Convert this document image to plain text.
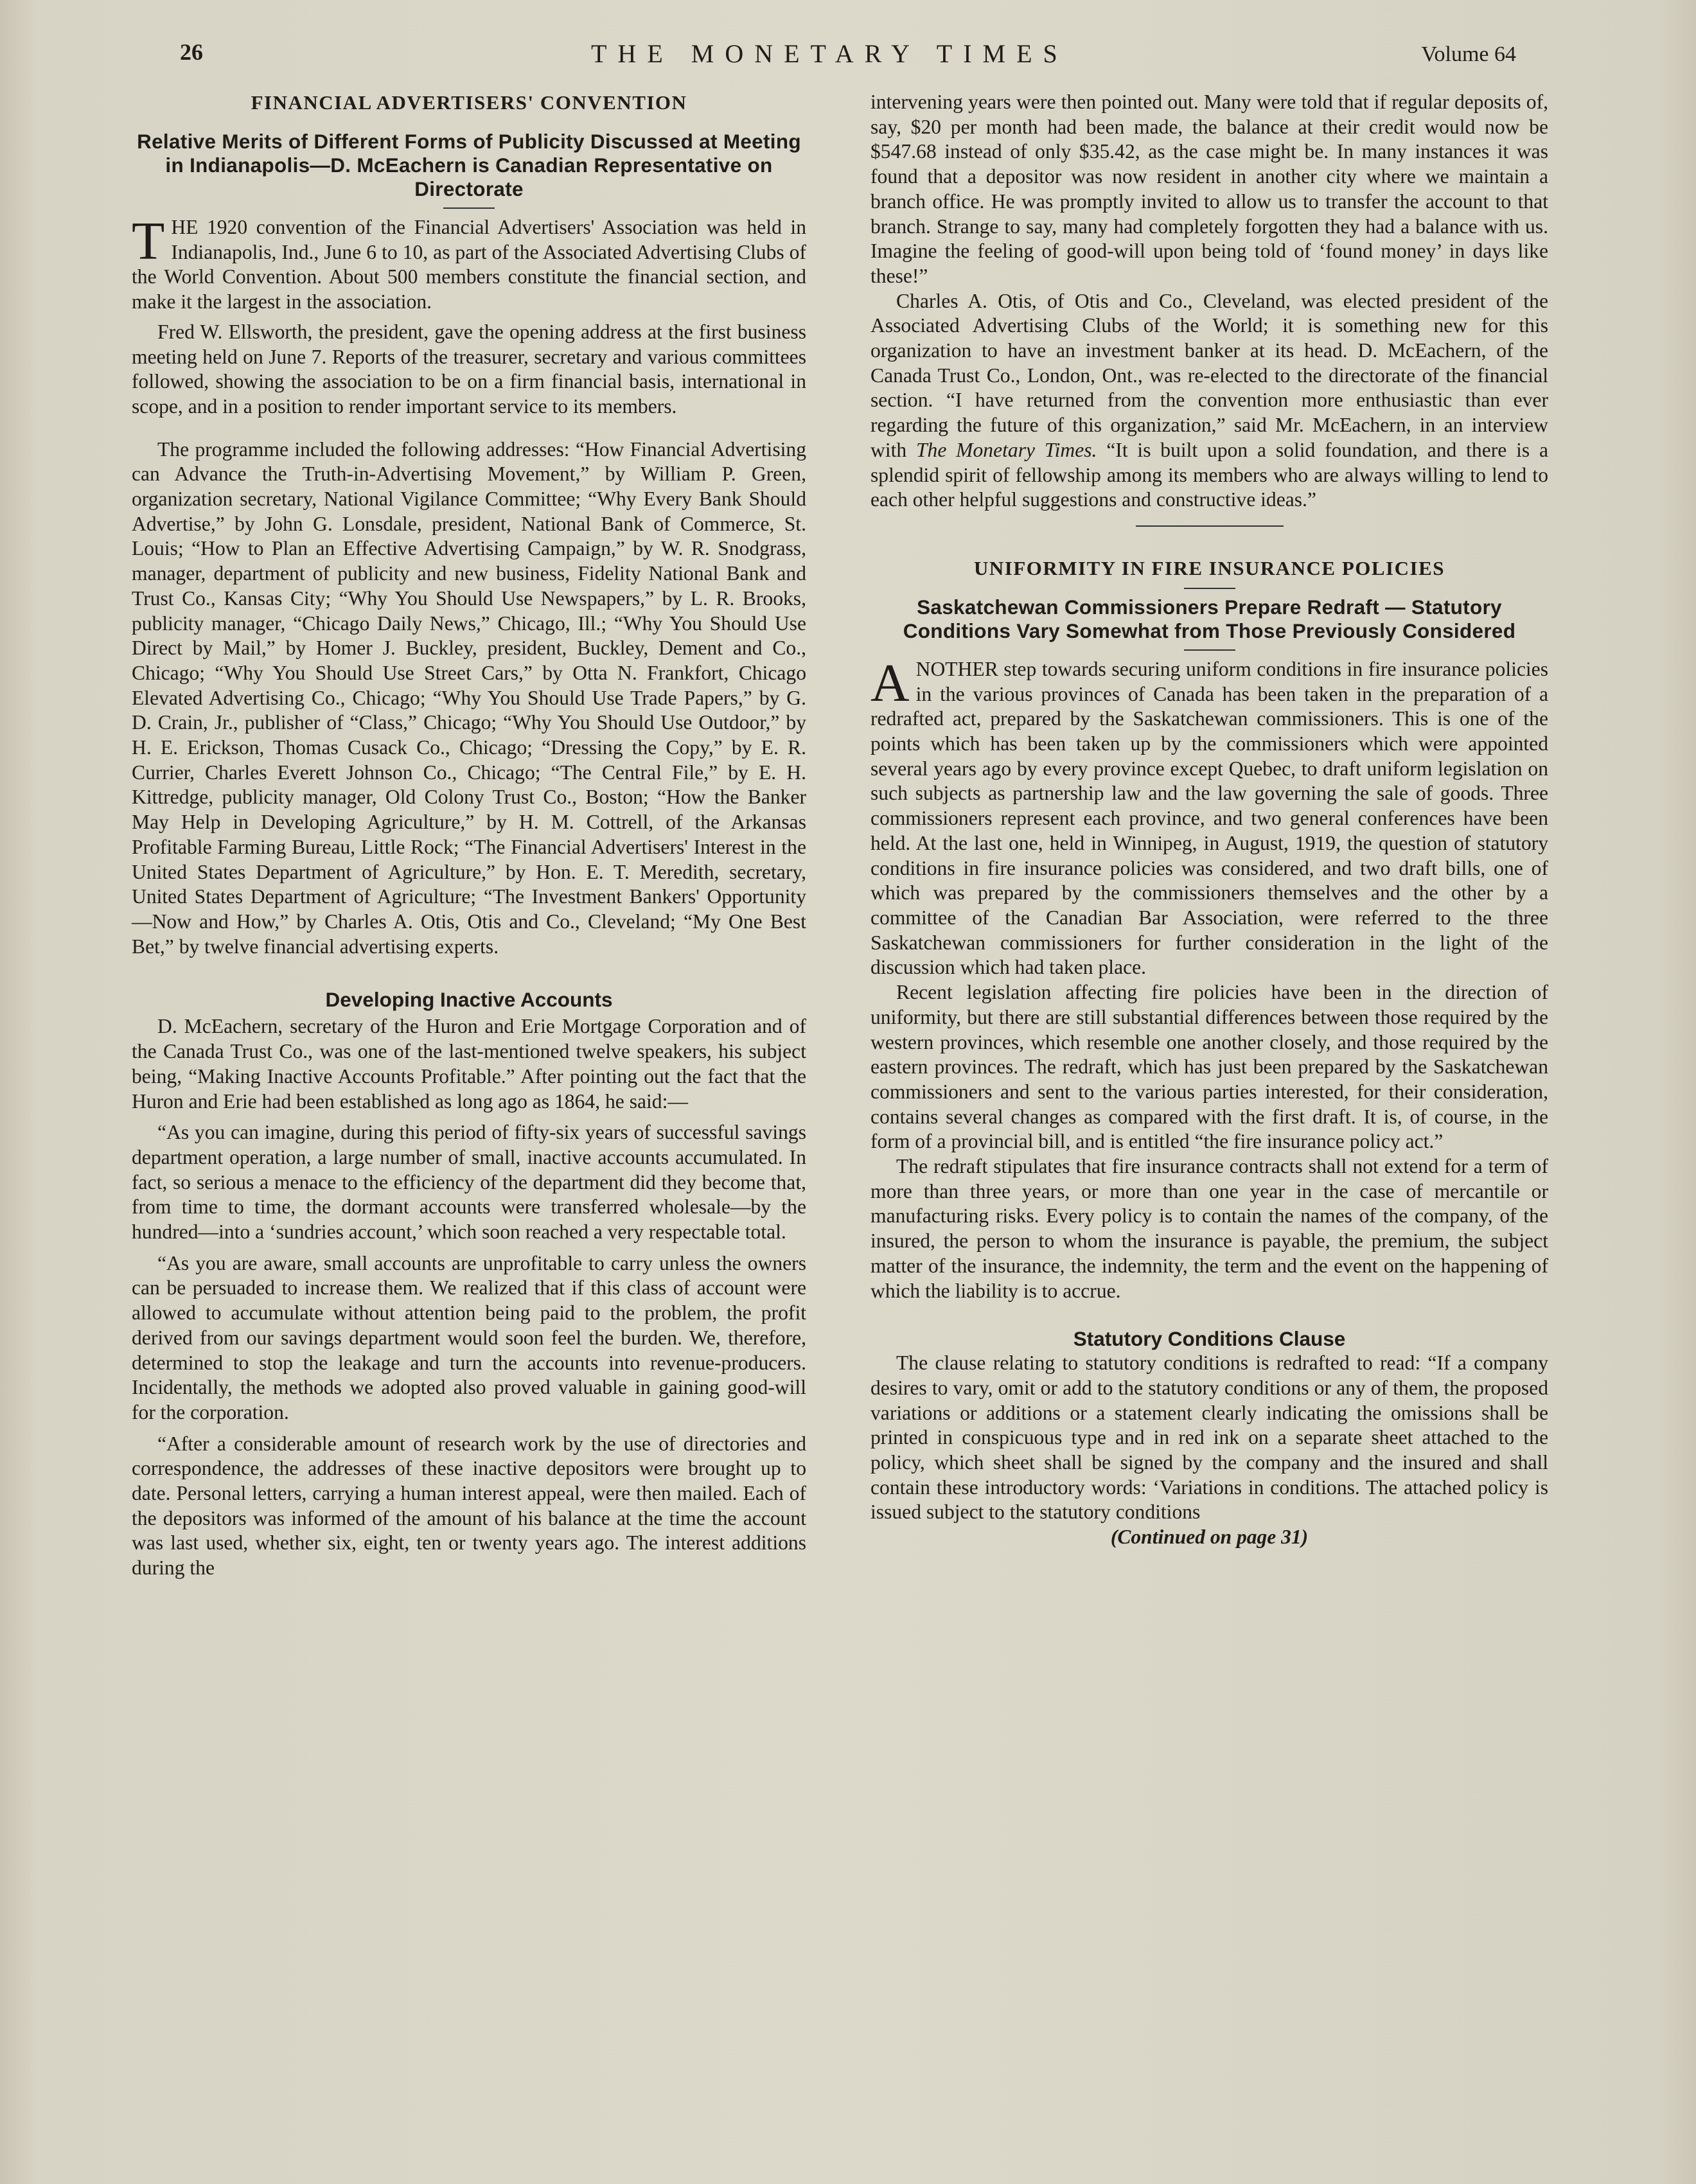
26	THE MONETARY TIMES	Volume 64
FINANCIAL ADVERTISERS' CONVENTION
Relative Merits of Different Forms of Publicity Discussed at Meeting in Indianapolis—D. McEachern is Canadian Representative on Directorate

THE 1920 convention of the Financial Advertisers' Association was held in Indianapolis, Ind., June 6 to 10, as part of the Associated Advertising Clubs of the World Convention. About 500 members constitute the financial section, and make it the largest in the association.

Fred W. Ellsworth, the president, gave the opening address at the first business meeting held on June 7. Reports of the treasurer, secretary and various committees followed, showing the association to be on a firm financial basis, international in scope, and in a position to render important service to its members.

The programme included the following addresses: “How Financial Advertising can Advance the Truth-in-Advertising Movement,” by William P. Green, organization secretary, National Vigilance Committee; “Why Every Bank Should Advertise,” by John G. Lonsdale, president, National Bank of Commerce, St. Louis; “How to Plan an Effective Advertising Campaign,” by W. R. Snodgrass, manager, department of publicity and new business, Fidelity National Bank and Trust Co., Kansas City; “Why You Should Use Newspapers,” by L. R. Brooks, publicity manager, “Chicago Daily News,” Chicago, Ill.; “Why You Should Use Direct by Mail,” by Homer J. Buckley, president, Buckley, Dement and Co., Chicago; “Why You Should Use Street Cars,” by Otta N. Frankfort, Chicago Elevated Advertising Co., Chicago; “Why You Should Use Trade Papers,” by G. D. Crain, Jr., publisher of “Class,” Chicago; “Why You Should Use Outdoor,” by H. E. Erickson, Thomas Cusack Co., Chicago; “Dressing the Copy,” by E. R. Currier, Charles Everett Johnson Co., Chicago; “The Central File,” by E. H. Kittredge, publicity manager, Old Colony Trust Co., Boston; “How the Banker May Help in Developing Agriculture,” by H. M. Cottrell, of the Arkansas Profitable Farming Bureau, Little Rock; “The Financial Advertisers' Interest in the United States Department of Agriculture,” by Hon. E. T. Meredith, secretary, United States Department of Agriculture; “The Investment Bankers' Opportunity—Now and How,” by Charles A. Otis, Otis and Co., Cleveland; “My One Best Bet,” by twelve financial advertising experts.

Developing Inactive Accounts

D. McEachern, secretary of the Huron and Erie Mortgage Corporation and of the Canada Trust Co., was one of the last-mentioned twelve speakers, his subject being, “Making Inactive Accounts Profitable.” After pointing out the fact that the Huron and Erie had been established as long ago as 1864, he said:—

“As you can imagine, during this period of fifty-six years of successful savings department operation, a large number of small, inactive accounts accumulated. In fact, so serious a menace to the efficiency of the department did they become that, from time to time, the dormant accounts were transferred wholesale—by the hundred—into a ‘sundries account,’ which soon reached a very respectable total.

“As you are aware, small accounts are unprofitable to carry unless the owners can be persuaded to increase them. We realized that if this class of account were allowed to accumulate without attention being paid to the problem, the profit derived from our savings department would soon feel the burden. We, therefore, determined to stop the leakage and turn the accounts into revenue-producers. Incidentally, the methods we adopted also proved valuable in gaining good-will for the corporation.

“After a considerable amount of research work by the use of directories and correspondence, the addresses of these inactive depositors were brought up to date. Personal letters, carrying a human interest appeal, were then mailed. Each of the depositors was informed of the amount of his balance at the time the account was last used, whether six, eight, ten or twenty years ago. The interest additions during the

intervening years were then pointed out. Many were told that if regular deposits of, say, $20 per month had been made, the balance at their credit would now be $547.68 instead of only $35.42, as the case might be. In many instances it was found that a depositor was now resident in another city where we maintain a branch office. He was promptly invited to allow us to transfer the account to that branch. Strange to say, many had completely forgotten they had a balance with us. Imagine the feeling of good-will upon being told of ‘found money’ in days like these!”

Charles A. Otis, of Otis and Co., Cleveland, was elected president of the Associated Advertising Clubs of the World; it is something new for this organization to have an investment banker at its head. D. McEachern, of the Canada Trust Co., London, Ont., was re-elected to the directorate of the financial section. “I have returned from the convention more enthusiastic than ever regarding the future of this organization,” said Mr. McEachern, in an interview with The Monetary Times. “It is built upon a solid foundation, and there is a splendid spirit of fellowship among its members who are always willing to lend to each other helpful suggestions and constructive ideas.”

UNIFORMITY IN FIRE INSURANCE POLICIES
Saskatchewan Commissioners Prepare Redraft — Statutory Conditions Vary Somewhat from Those Previously Considered

ANOTHER step towards securing uniform conditions in fire insurance policies in the various provinces of Canada has been taken in the preparation of a redrafted act, prepared by the Saskatchewan commissioners. This is one of the points which has been taken up by the commissioners which were appointed several years ago by every province except Quebec, to draft uniform legislation on such subjects as partnership law and the law governing the sale of goods. Three commissioners represent each province, and two general conferences have been held. At the last one, held in Winnipeg, in August, 1919, the question of statutory conditions in fire insurance policies was considered, and two draft bills, one of which was prepared by the commissioners themselves and the other by a committee of the Canadian Bar Association, were referred to the three Saskatchewan commissioners for further consideration in the light of the discussion which had taken place.

Recent legislation affecting fire policies have been in the direction of uniformity, but there are still substantial differences between those required by the western provinces, which resemble one another closely, and those required by the eastern provinces. The redraft, which has just been prepared by the Saskatchewan commissioners and sent to the various parties interested, for their consideration, contains several changes as compared with the first draft. It is, of course, in the form of a provincial bill, and is entitled “the fire insurance policy act.”

The redraft stipulates that fire insurance contracts shall not extend for a term of more than three years, or more than one year in the case of mercantile or manufacturing risks. Every policy is to contain the names of the company, of the insured, the person to whom the insurance is payable, the premium, the subject matter of the insurance, the indemnity, the term and the event on the happening of which the liability is to accrue.

Statutory Conditions Clause

The clause relating to statutory conditions is redrafted to read: “If a company desires to vary, omit or add to the statutory conditions or any of them, the proposed variations or additions or a statement clearly indicating the omissions shall be printed in conspicuous type and in red ink on a separate sheet attached to the policy, which sheet shall be signed by the company and the insured and shall contain these introductory words: ‘Variations in conditions. The attached policy is issued subject to the statutory conditions

(Continued on page 31)
